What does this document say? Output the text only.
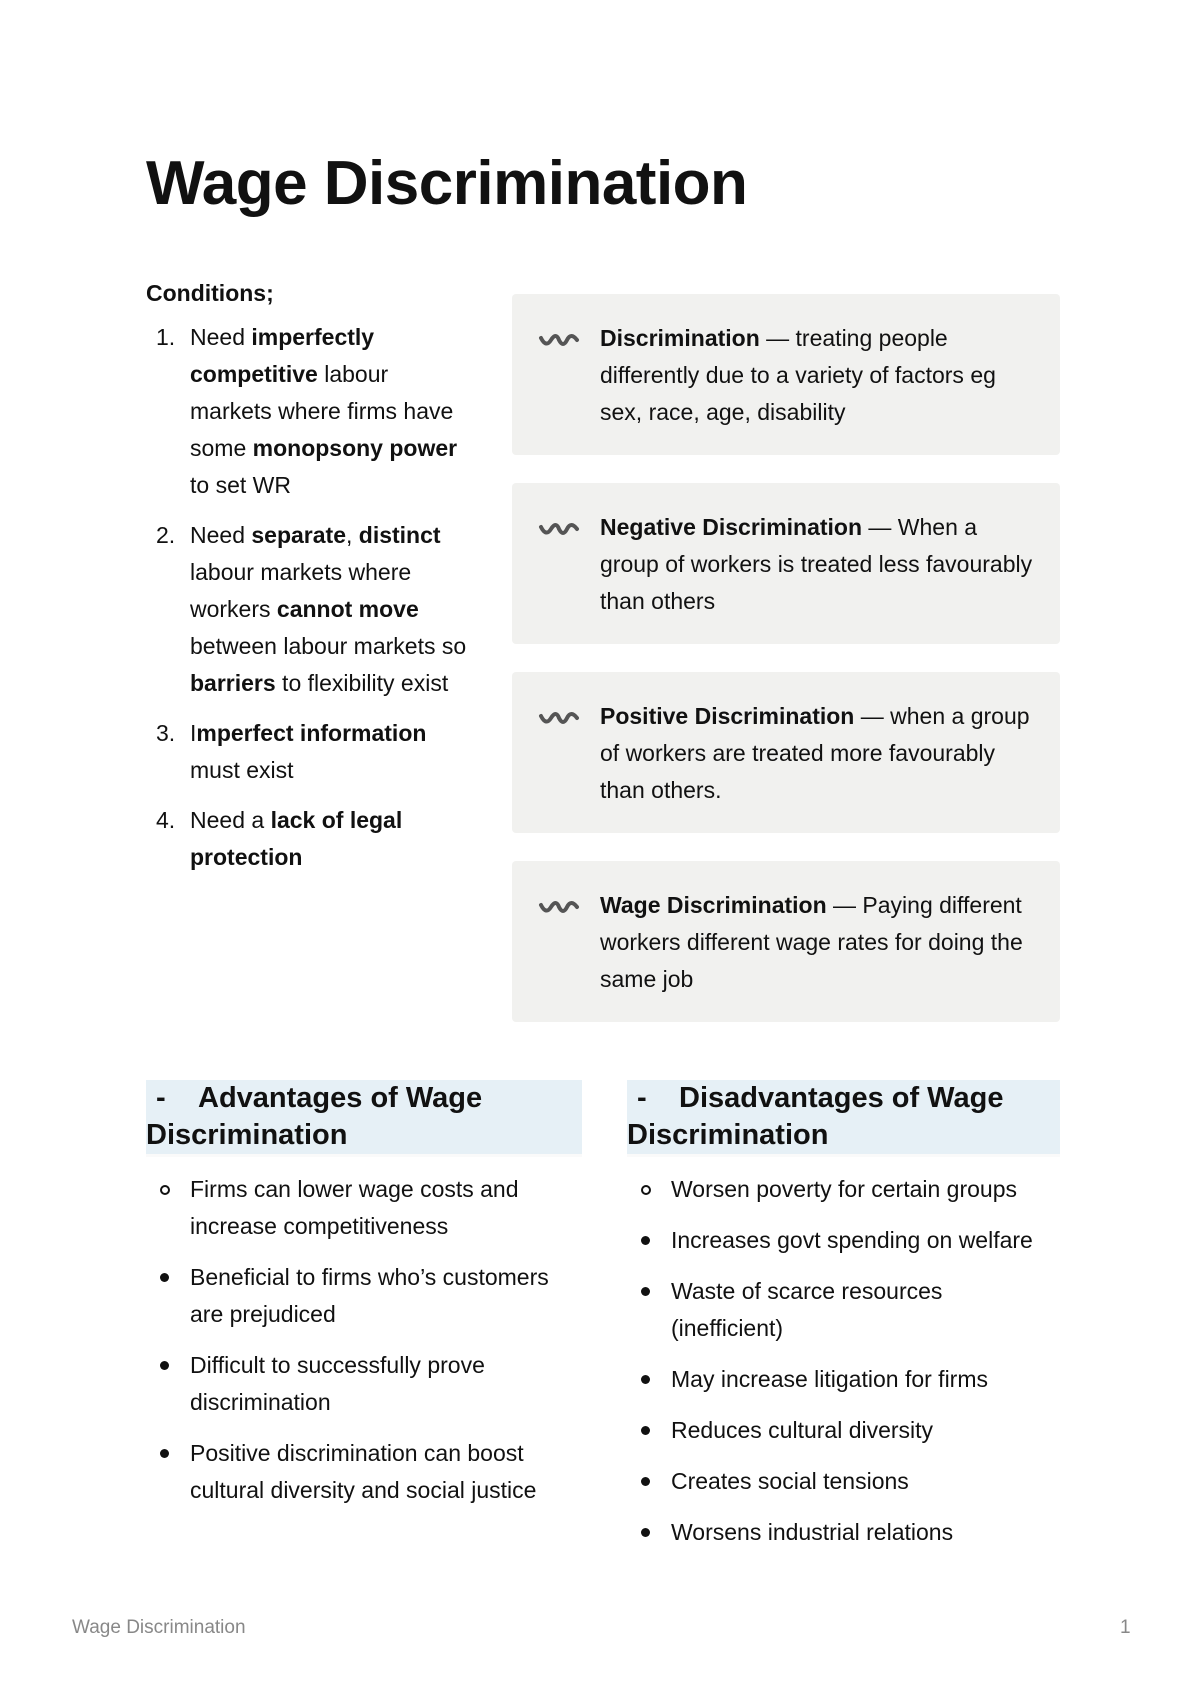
Wage Discrimination
Conditions;
1. Need imperfectly competitive labour markets where firms have some monopsony power to set WR
2. Need separate, distinct labour markets where workers cannot move between labour markets so barriers to flexibility exist
3. Imperfect information must exist
4. Need a lack of legal protection
Discrimination — treating people differently due to a variety of factors eg sex, race, age, disability
Negative Discrimination — When a group of workers is treated less favourably than others
Positive Discrimination — when a group of workers are treated more favourably than others.
Wage Discrimination — Paying different workers different wage rates for doing the same job
- Advantages of Wage Discrimination
Firms can lower wage costs and increase competitiveness
Beneficial to firms who’s customers are prejudiced
Difficult to successfully prove discrimination
Positive discrimination can boost cultural diversity and social justice
- Disadvantages of Wage Discrimination
Worsen poverty for certain groups
Increases govt spending on welfare
Waste of scarce resources (inefficient)
May increase litigation for firms
Reduces cultural diversity
Creates social tensions
Worsens industrial relations
Wage Discrimination	1
